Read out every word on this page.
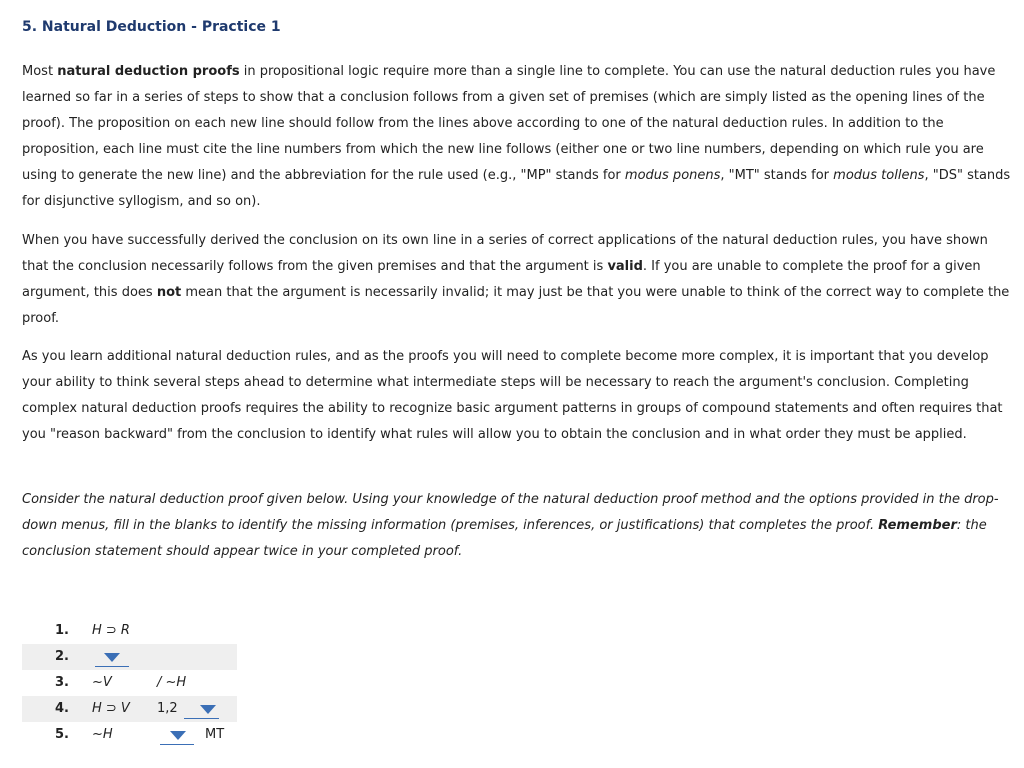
5. Natural Deduction - Practice 1

Most natural deduction proofs in propositional logic require more than a single line to complete. You can use the natural deduction rules you have learned so far in a series of steps to show that a conclusion follows from a given set of premises (which are simply listed as the opening lines of the proof). The proposition on each new line should follow from the lines above according to one of the natural deduction rules. In addition to the proposition, each line must cite the line numbers from which the new line follows (either one or two line numbers, depending on which rule you are using to generate the new line) and the abbreviation for the rule used (e.g., "MP" stands for modus ponens, "MT" stands for modus tollens, "DS" stands for disjunctive syllogism, and so on).

When you have successfully derived the conclusion on its own line in a series of correct applications of the natural deduction rules, you have shown that the conclusion necessarily follows from the given premises and that the argument is valid. If you are unable to complete the proof for a given argument, this does not mean that the argument is necessarily invalid; it may just be that you were unable to think of the correct way to complete the proof.

As you learn additional natural deduction rules, and as the proofs you will need to complete become more complex, it is important that you develop your ability to think several steps ahead to determine what intermediate steps will be necessary to reach the argument's conclusion. Completing complex natural deduction proofs requires the ability to recognize basic argument patterns in groups of compound statements and often requires that you "reason backward" from the conclusion to identify what rules will allow you to obtain the conclusion and in what order they must be applied.

Consider the natural deduction proof given below. Using your knowledge of the natural deduction proof method and the options provided in the drop-down menus, fill in the blanks to identify the missing information (premises, inferences, or justifications) that completes the proof. Remember: the conclusion statement should appear twice in your completed proof.

1. H ⊃ R
2.
3. ~V	/ ~H
4. H ⊃ V 1,2
5. ~H	MT
